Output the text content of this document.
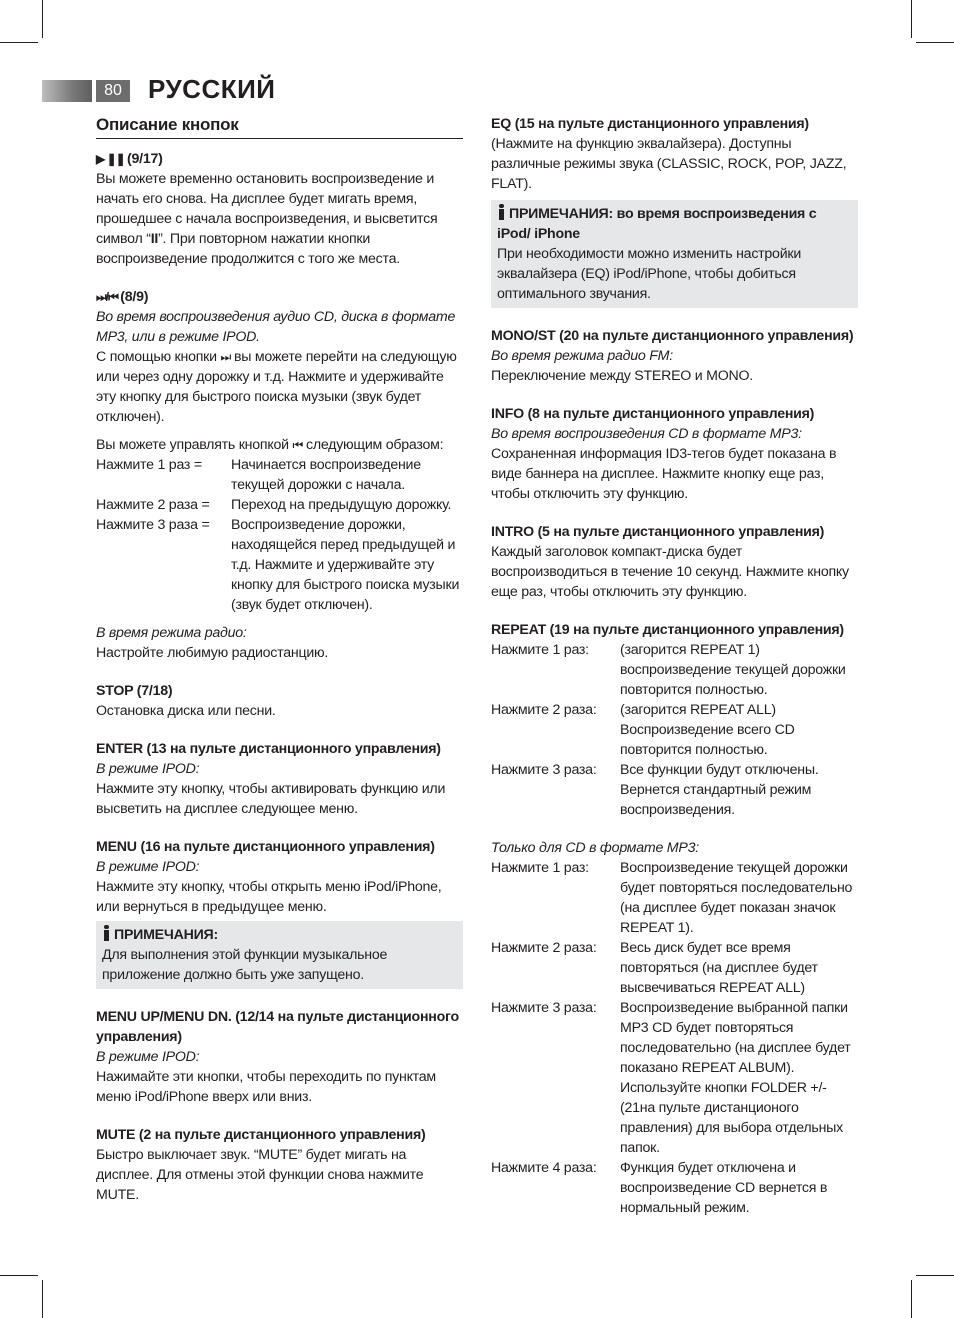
80	РУССКИЙ

Описание кнопок

▶ ❚❚ (9/17)

Вы можете временно остановить воспроизведение и начать его снова. На дисплее будет мигать время, прошедшее с начала воспроизведения, и высветится символ “II”. При повторном нажатии кнопки воспроизведение продолжится с того же места.

⏭/⏮ (8/9)

Во время воспроизведения аудио CD, диска в формате MP3, или в режиме IPOD.

С помощью кнопки ⏭ вы можете перейти на следующую или через одну дорожку и т.д. Нажмите и удерживайте эту кнопку для быстрого поиска музыки (звук будет отключен).

Вы можете управлять кнопкой ⏮ следующим образом:

Нажмите 1 раз =	Начинается воспроизведение текущей дорожки с начала.
Нажмите 2 раза =	Переход на предыдущую дорожку.
Нажмите 3 раза =	Воспроизведение дорожки, находящейся перед предыдущей и т.д. Нажмите и удерживайте эту кнопку для быстрого поиска музыки (звук будет отключен).

В время режима радио:

Настройте любимую радиостанцию.

STOP (7/18)

Остановка диска или песни.

ENTER (13 на пульте дистанционного управления)

В режиме IPOD:

Нажмите эту кнопку, чтобы активировать функцию или высветить на дисплее следующее меню.

MENU (16 на пульте дистанционного управления)

В режиме IPOD:

Нажмите эту кнопку, чтобы открыть меню iPod/iPhone, или вернуться в предыдущее меню.

ПРИМЕЧАНИЯ:

Для выполнения этой функции музыкальное приложение должно быть уже запущено.

MENU UP/MENU DN. (12/14 на пульте дистанционного управления)

В режиме IPOD:

Нажимайте эти кнопки, чтобы переходить по пунктам меню iPod/iPhone вверх или вниз.

MUTE (2 на пульте дистанционного управления)

Быстро выключает звук. “MUTE” будет мигать на дисплее. Для отмены этой функции снова нажмите MUTE.

EQ (15 на пульте дистанционного управления)

(Нажмите на функцию эквалайзера). Доступны различные режимы звука (CLASSIC, ROCK, POP, JAZZ, FLAT).

ПРИМЕЧАНИЯ: во время воспроизведения с iPod/ iPhone

При необходимости можно изменить настройки эквалайзера (EQ) iPod/iPhone, чтобы добиться оптимального звучания.

MONO/ST (20 на пульте дистанционного управления)

Во время режима радио FM:

Переключение между STEREO и MONO.

INFO (8 на пульте дистанционного управления)

Во время воспроизведения CD в формате MP3:

Сохраненная информация ID3-тегов будет показана в виде баннера на дисплее. Нажмите кнопку еще раз, чтобы отключить эту функцию.

INTRO (5 на пульте дистанционного управления)

Каждый заголовок компакт-диска будет воспроизводиться в течение 10 секунд. Нажмите кнопку еще раз, чтобы отключить эту функцию.

REPEAT (19 на пульте дистанционного управления)

Нажмите 1 раз:	(загорится REPEAT 1) воспроизведение текущей дорожки повторится полностью.
Нажмите 2 раза:	(загорится REPEAT ALL) Воспроизведение всего CD повторится полностью.
Нажмите 3 раза:	Все функции будут отключены. Вернется стандартный режим воспроизведения.

Только для CD в формате MP3:

Нажмите 1 раз:	Воспроизведение текущей дорожки будет повторяться последовательно (на дисплее будет показан значок REPEAT 1).
Нажмите 2 раза:	Весь диск будет все время повторяться (на дисплее будет высвечиваться REPEAT ALL)
Нажмите 3 раза:	Воспроизведение выбранной папки MP3 CD будет повторяться последовательно (на дисплее будет показано REPEAT ALBUM). Используйте кнопки FOLDER +/- (21на пульте дистанционого правления) для выбора отдельных папок.
Нажмите 4 раза:	Функция будет отключена и воспроизведение CD вернется в нормальный режим.
